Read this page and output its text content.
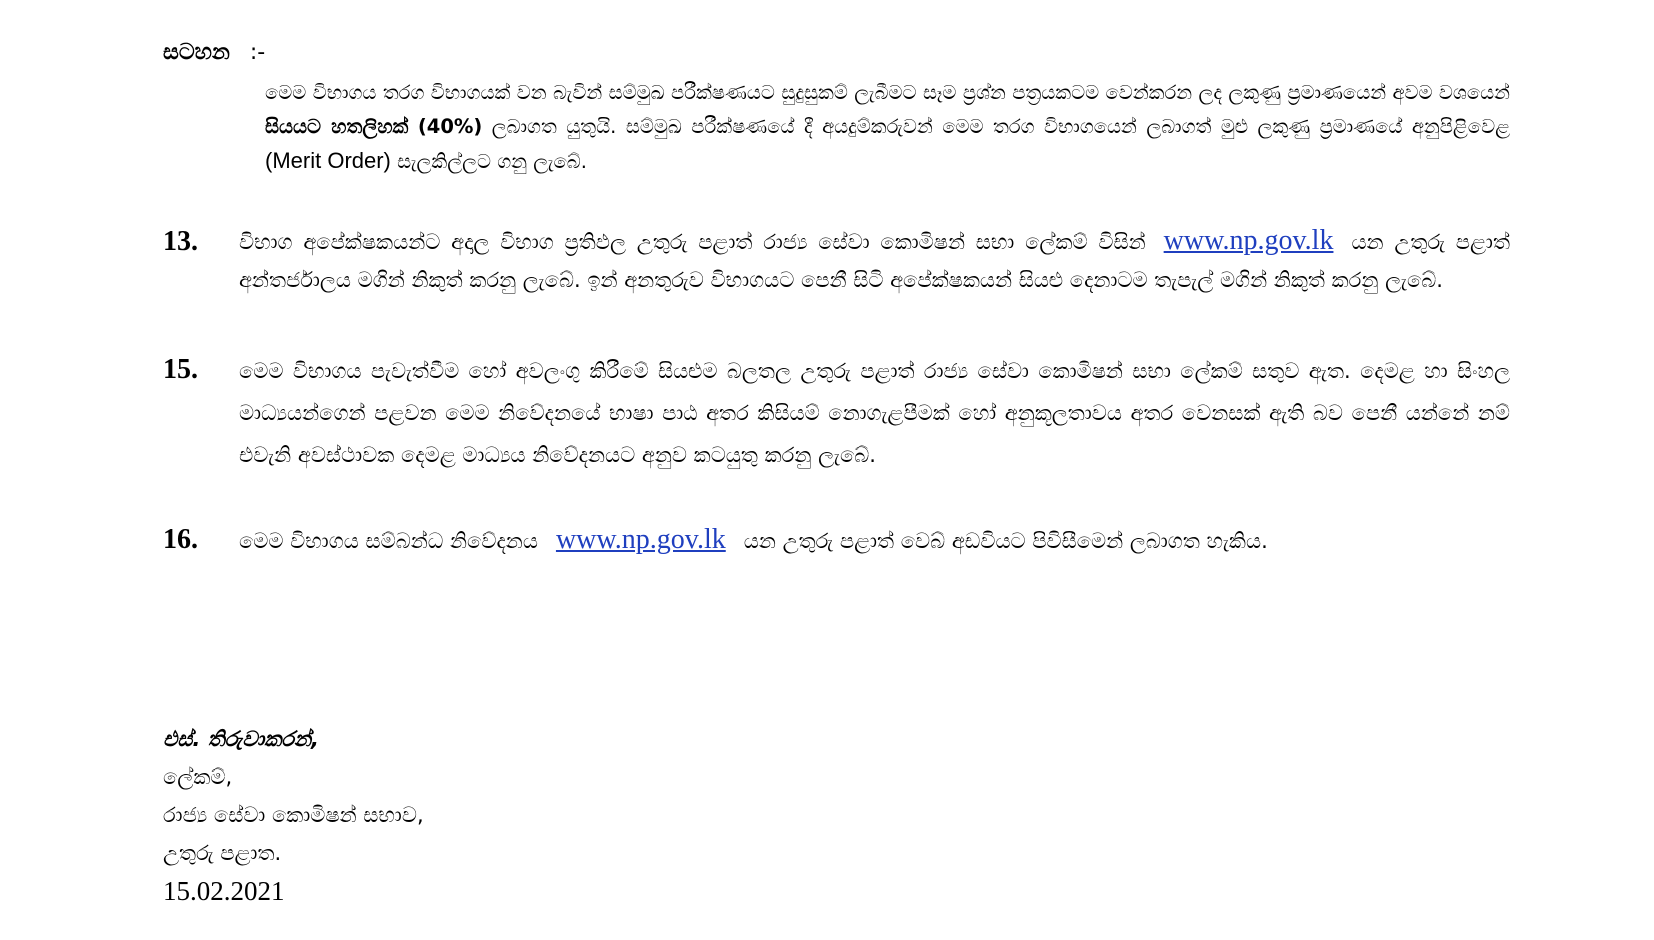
සටහන :-
මෙම විභාගය තරග විභාගයක් වන බැවින් සම්මුඛ පරීක්ෂණයට සුදුසුකම් ලැබීමට සෑම ප්‍රශ්න පත්‍රයකටම වෙන්කරන ලද ලකුණු ප්‍රමාණයෙන් අවම වශයෙන් සියයට හතලිහක් (40%) ලබාගත යුතුයි. සම්මුඛ පරීක්ෂණයේ දී අයදුම්කරුවන් මෙම තරග විභාගයෙන් ලබාගත් මුළු ලකුණු ප්‍රමාණයේ අනුපිළිවෙළ (Merit Order) සැලකිල්ලට ගනු ලැබේ.
13. විභාග අපේක්ෂකයන්ට අදාල විභාග ප්‍රතිඵල උතුරු පළාත් රාජ්‍ය සේවා කොමිෂන් සභා ලේකම් විසින් www.np.gov.lk යන උතුරු පළාත් අන්තර්ජාලය මගින් නිකුත් කරනු ලැබේ. ඉන් අනතුරුව විභාගයට පෙනී සිටි අපේක්ෂකයන් සියළු දෙනාටම තැපැල් මගින් නිකුත් කරනු ලැබේ.
15. මෙම විභාගය පැවැත්වීම හෝ අවලංගු කිරීමේ සියළුම බලතල උතුරු පළාත් රාජ්‍ය සේවා කොමිෂන් සභා ලේකම් සතුව ඇත. දෙමළ හා සිංහල මාධ්‍යයන්ගෙන් පළවන මෙම නිවේදනයේ භාෂා පාඨ අතර කිසියම් නොගැළපීමක් හෝ අනුකූලතාවය අතර වෙනසක් ඇති බව පෙනී යන්නේ නම් එවැනි අවස්ථාවක දෙමළ මාධ්‍යය නිවේදනයට අනුව කටයුතු කරනු ලැබේ.
16. මෙම විභාගය සම්බන්ධ නිවේදනය www.np.gov.lk යන උතුරු පළාත් වෙබ් අඩවියට පිවිසීමෙන් ලබාගත හැකිය.
එස්. තිරුවාකරන්,
ලේකම්,
රාජ්‍ය සේවා කොමිෂන් සභාව,
උතුරු පළාත.
15.02.2021
